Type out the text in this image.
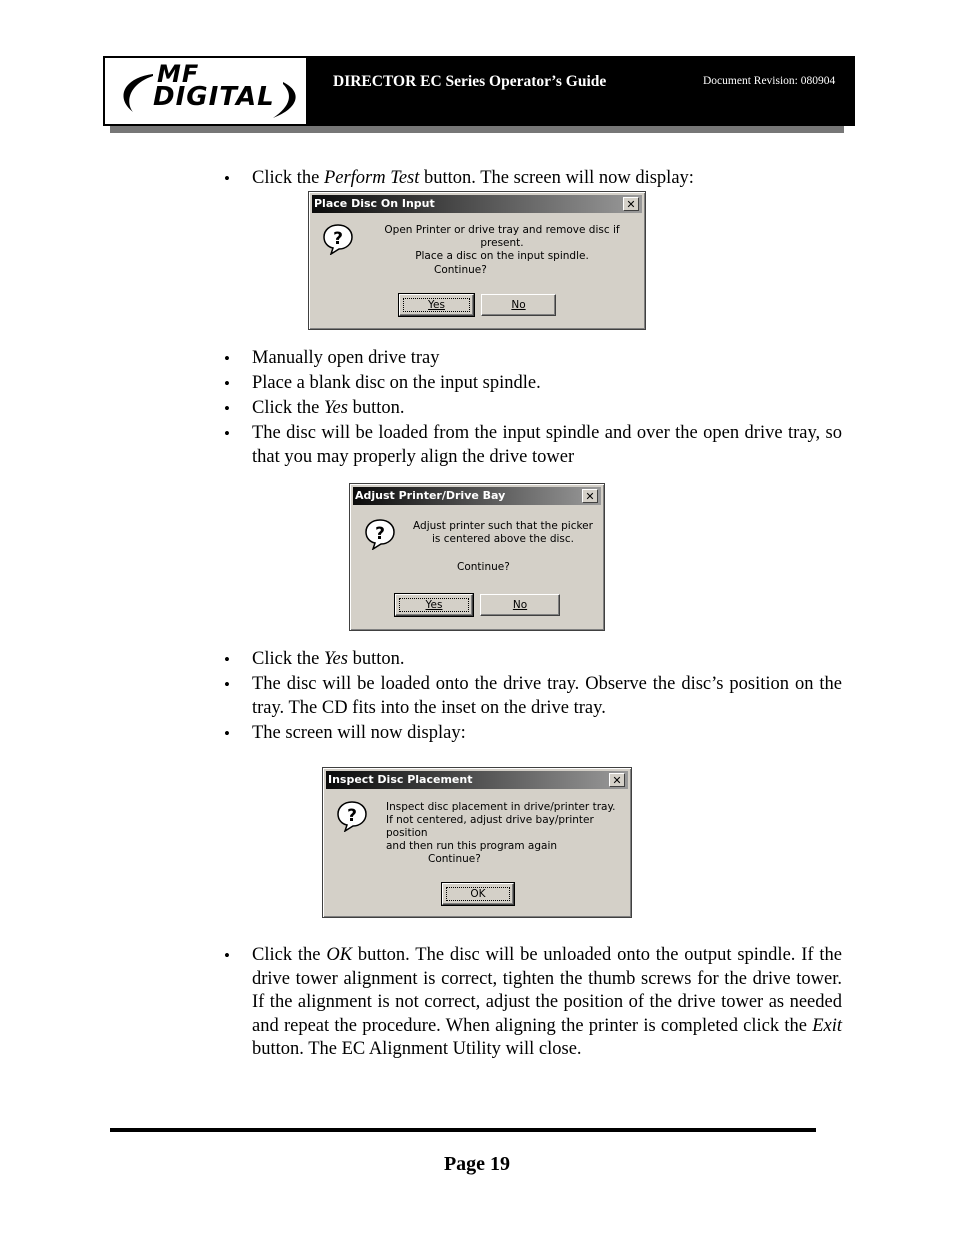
MF
DIGITAL
DIRECTOR EC Series Operator’s Guide	Document Revision: 080904
• Click the Perform Test button. The screen will now display:
Place Disc On Input	✕
?	Open Printer or drive tray and remove disc if present.
Place a disc on the input spindle.
Continue?
Yes	No
• Manually open drive tray
• Place a blank disc on the input spindle.
• Click the Yes button.
• The disc will be loaded from the input spindle and over the open drive tray, so that you may properly align the drive tower
Adjust Printer/Drive Bay	✕
?	Adjust printer such that the picker
is centered above the disc.
Continue?
Yes	No
• Click the Yes button.
• The disc will be loaded onto the drive tray. Observe the disc’s position on the tray. The CD fits into the inset on the drive tray.
• The screen will now display:
Inspect Disc Placement	✕
?	Inspect disc placement in drive/printer tray.
If not centered, adjust drive bay/printer position
and then run this program again
Continue?
OK
• Click the OK button. The disc will be unloaded onto the output spindle. If the drive tower alignment is correct, tighten the thumb screws for the drive tower. If the alignment is not correct, adjust the position of the drive tower as needed and repeat the procedure. When aligning the printer is completed click the Exit button. The EC Alignment Utility will close.
Page 19
